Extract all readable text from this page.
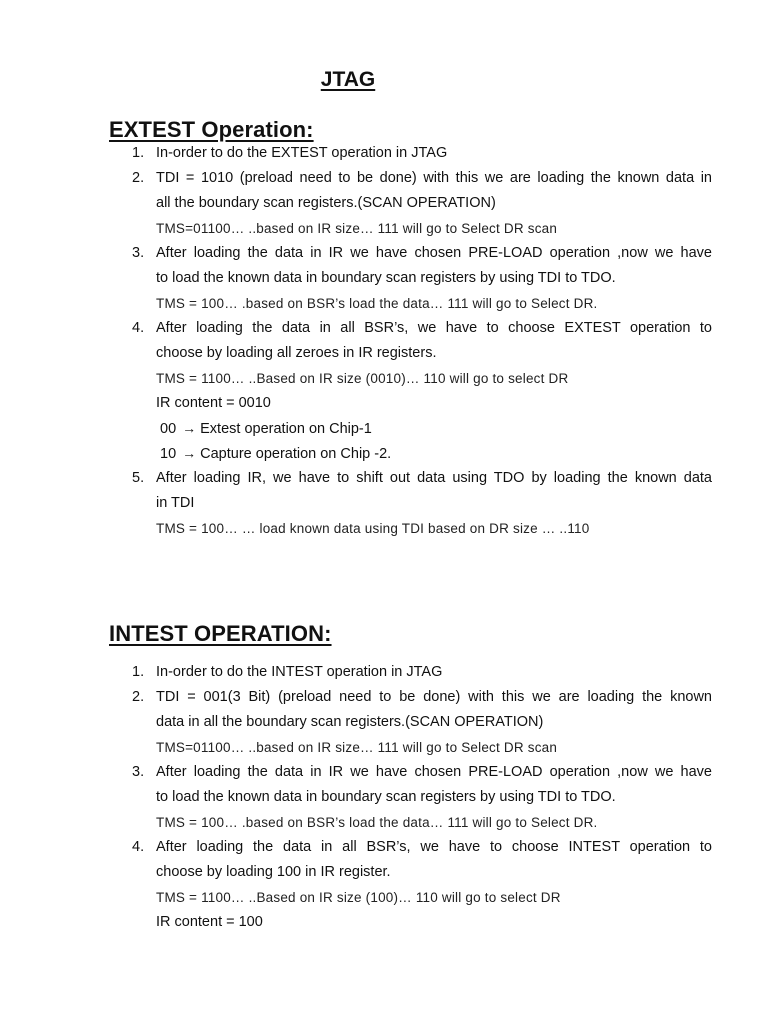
JTAG
EXTEST Operation:
1. In-order to do the EXTEST operation in JTAG
2. TDI = 1010 (preload need to be done) with this we are loading the known data in
all the boundary scan registers.(SCAN OPERATION)
TMS=01100… ..based on IR size… 111 will go to Select DR scan
3. After loading the data in IR we have chosen PRE-LOAD operation ,now we have
to load the known data in boundary scan registers by using TDI to TDO.
TMS = 100… .based on BSR’s load the data… 111 will go to Select DR.
4. After loading the data in all BSR’s, we have to choose EXTEST operation to
choose by loading all zeroes in IR registers.
TMS = 1100… ..Based on IR size (0010)… 110 will go to select DR
IR content = 0010
00 → Extest operation on Chip-1
10 → Capture operation on Chip -2.
5. After loading IR, we have to shift out data using TDO by loading the known data
in TDI
TMS = 100… … load known data using TDI based on DR size … ..110
INTEST OPERATION:
1. In-order to do the INTEST operation in JTAG
2. TDI = 001(3 Bit) (preload need to be done) with this we are loading the known
data in all the boundary scan registers.(SCAN OPERATION)
TMS=01100… ..based on IR size… 111 will go to Select DR scan
3. After loading the data in IR we have chosen PRE-LOAD operation ,now we have
to load the known data in boundary scan registers by using TDI to TDO.
TMS = 100… .based on BSR’s load the data… 111 will go to Select DR.
4. After loading the data in all BSR’s, we have to choose INTEST operation to
choose by loading 100 in IR register.
TMS = 1100… ..Based on IR size (100)… 110 will go to select DR
IR content = 100
